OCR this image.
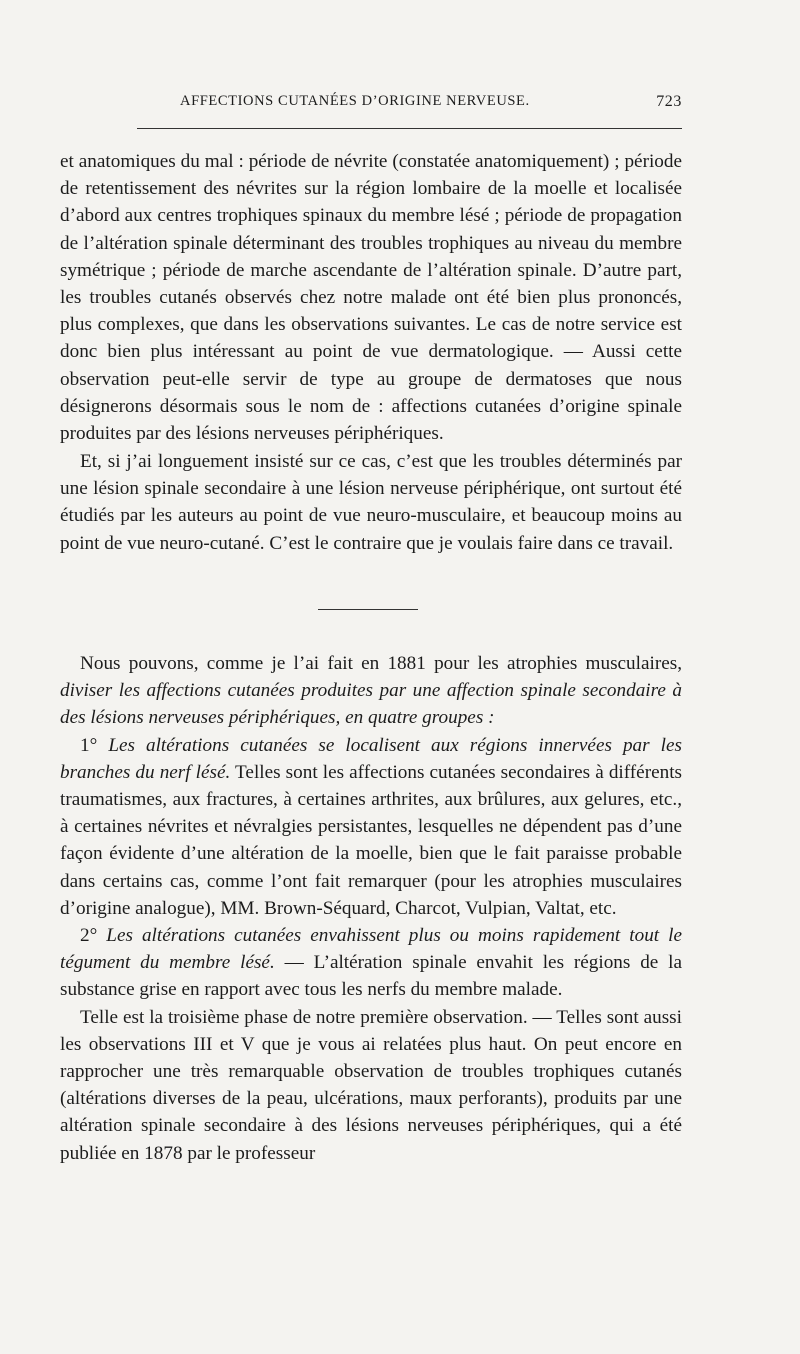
AFFECTIONS CUTANÉES D’ORIGINE NERVEUSE.	723

et anatomiques du mal : période de névrite (constatée anatomiquement) ; période de retentissement des névrites sur la région lombaire de la moelle et localisée d’abord aux centres trophiques spinaux du membre lésé ; période de propagation de l’altération spinale déterminant des troubles trophiques au niveau du membre symétrique ; période de marche ascendante de l’altération spinale. D’autre part, les troubles cutanés observés chez notre malade ont été bien plus prononcés, plus complexes, que dans les observations suivantes. Le cas de notre service est donc bien plus intéressant au point de vue dermatologique. — Aussi cette observation peut-elle servir de type au groupe de dermatoses que nous désignerons désormais sous le nom de : affections cutanées d’origine spinale produites par des lésions nerveuses périphériques.

Et, si j’ai longuement insisté sur ce cas, c’est que les troubles déterminés par une lésion spinale secondaire à une lésion nerveuse périphérique, ont surtout été étudiés par les auteurs au point de vue neuro-musculaire, et beaucoup moins au point de vue neuro-cutané. C’est le contraire que je voulais faire dans ce travail.

Nous pouvons, comme je l’ai fait en 1881 pour les atrophies musculaires, diviser les affections cutanées produites par une affection spinale secondaire à des lésions nerveuses périphériques, en quatre groupes :

1° Les altérations cutanées se localisent aux régions innervées par les branches du nerf lésé. Telles sont les affections cutanées secondaires à différents traumatismes, aux fractures, à certaines arthrites, aux brûlures, aux gelures, etc., à certaines névrites et névralgies persistantes, lesquelles ne dépendent pas d’une façon évidente d’une altération de la moelle, bien que le fait paraisse probable dans certains cas, comme l’ont fait remarquer (pour les atrophies musculaires d’origine analogue), MM. Brown-Séquard, Charcot, Vulpian, Valtat, etc.

2° Les altérations cutanées envahissent plus ou moins rapidement tout le tégument du membre lésé. — L’altération spinale envahit les régions de la substance grise en rapport avec tous les nerfs du membre malade.

Telle est la troisième phase de notre première observation. — Telles sont aussi les observations III et V que je vous ai relatées plus haut. On peut encore en rapprocher une très remarquable observation de troubles trophiques cutanés (altérations diverses de la peau, ulcérations, maux perforants), produits par une altération spinale secondaire à des lésions nerveuses périphériques, qui a été publiée en 1878 par le professeur
